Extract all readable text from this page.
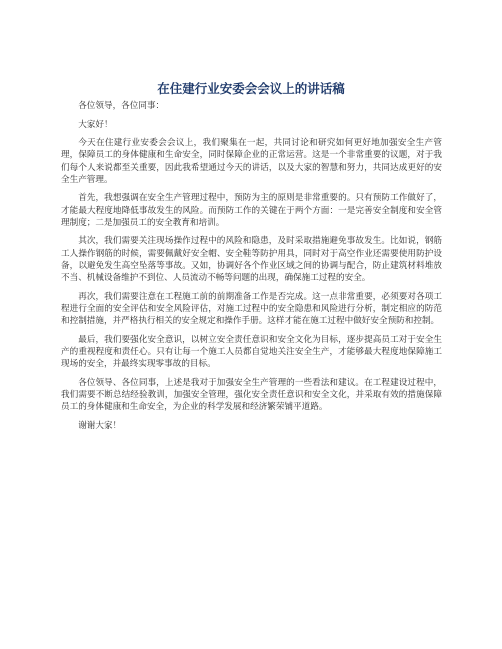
在住建行业安委会会议上的讲话稿

各位领导，各位同事：

大家好！

今天在住建行业安委会会议上，我们聚集在一起，共同讨论和研究如何更好地加强安全生产管理，保障员工的身体健康和生命安全，同时保障企业的正常运营。这是一个非常重要的议题，对于我们每个人来说都至关重要，因此我希望通过今天的讲话，以及大家的智慧和努力，共同达成更好的安全生产管理。

首先，我想强调在安全生产管理过程中，预防为主的原则是非常重要的。只有预防工作做好了，才能最大程度地降低事故发生的风险。而预防工作的关键在于两个方面：一是完善安全制度和安全管理制度；二是加强员工的安全教育和培训。

其次，我们需要关注现场操作过程中的风险和隐患，及时采取措施避免事故发生。比如说，钢筋工人操作钢筋的时候，需要佩戴好安全帽、安全鞋等防护用具，同时对于高空作业还需要使用防护设备，以避免发生高空坠落等事故。又如，协调好各个作业区域之间的协调与配合，防止建筑材料堆放不当、机械设备维护不到位、人员流动不畅等问题的出现，确保施工过程的安全。

再次，我们需要注意在工程施工前的前期准备工作是否完成。这一点非常重要，必须要对各项工程进行全面的安全评估和安全风险评估，对施工过程中的安全隐患和风险进行分析，制定相应的防范和控制措施，并严格执行相关的安全规定和操作手册。这样才能在施工过程中做好安全预防和控制。

最后，我们要强化安全意识，以树立安全责任意识和安全文化为目标，逐步提高员工对于安全生产的重视程度和责任心。只有让每一个施工人员都自觉地关注安全生产，才能够最大程度地保障施工现场的安全，并最终实现零事故的目标。

各位领导、各位同事，上述是我对于加强安全生产管理的一些看法和建议。在工程建设过程中，我们需要不断总结经验教训，加强安全管理，强化安全责任意识和安全文化，并采取有效的措施保障员工的身体健康和生命安全，为企业的科学发展和经济繁荣铺平道路。

谢谢大家！
